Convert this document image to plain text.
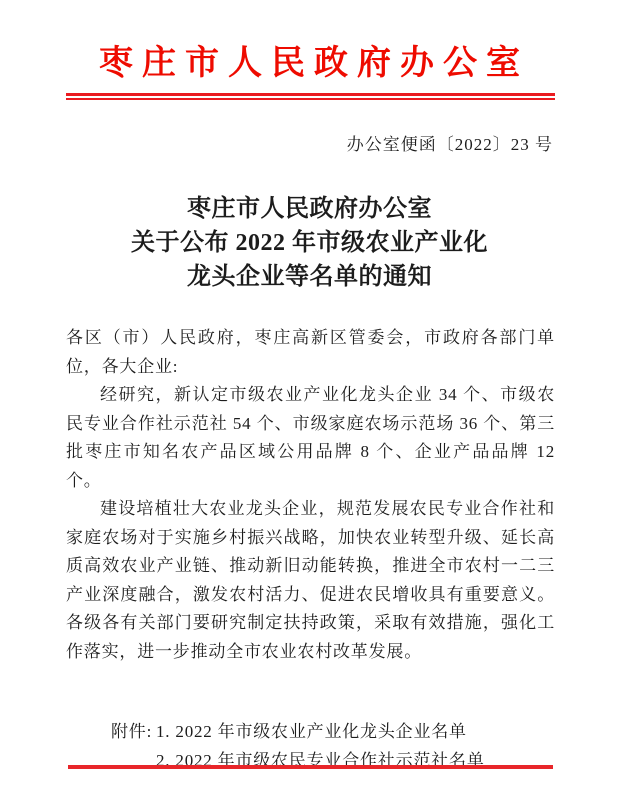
枣庄市人民政府办公室
办公室便函〔2022〕23 号
枣庄市人民政府办公室
关于公布 2022 年市级农业产业化
龙头企业等名单的通知

各区（市）人民政府，枣庄高新区管委会，市政府各部门单位，各大企业:

经研究，新认定市级农业产业化龙头企业 34 个、市级农民专业合作社示范社 54 个、市级家庭农场示范场 36 个、第三批枣庄市知名农产品区域公用品牌 8 个、企业产品品牌 12 个。

建设培植壮大农业龙头企业，规范发展农民专业合作社和家庭农场对于实施乡村振兴战略，加快农业转型升级、延长高质高效农业产业链、推动新旧动能转换，推进全市农村一二三产业深度融合，激发农村活力、促进农民增收具有重要意义。各级各有关部门要研究制定扶持政策，采取有效措施，强化工作落实，进一步推动全市农业农村改革发展。

附件: 1. 2022 年市级农业产业化龙头企业名单
2. 2022 年市级农民专业合作社示范社名单
